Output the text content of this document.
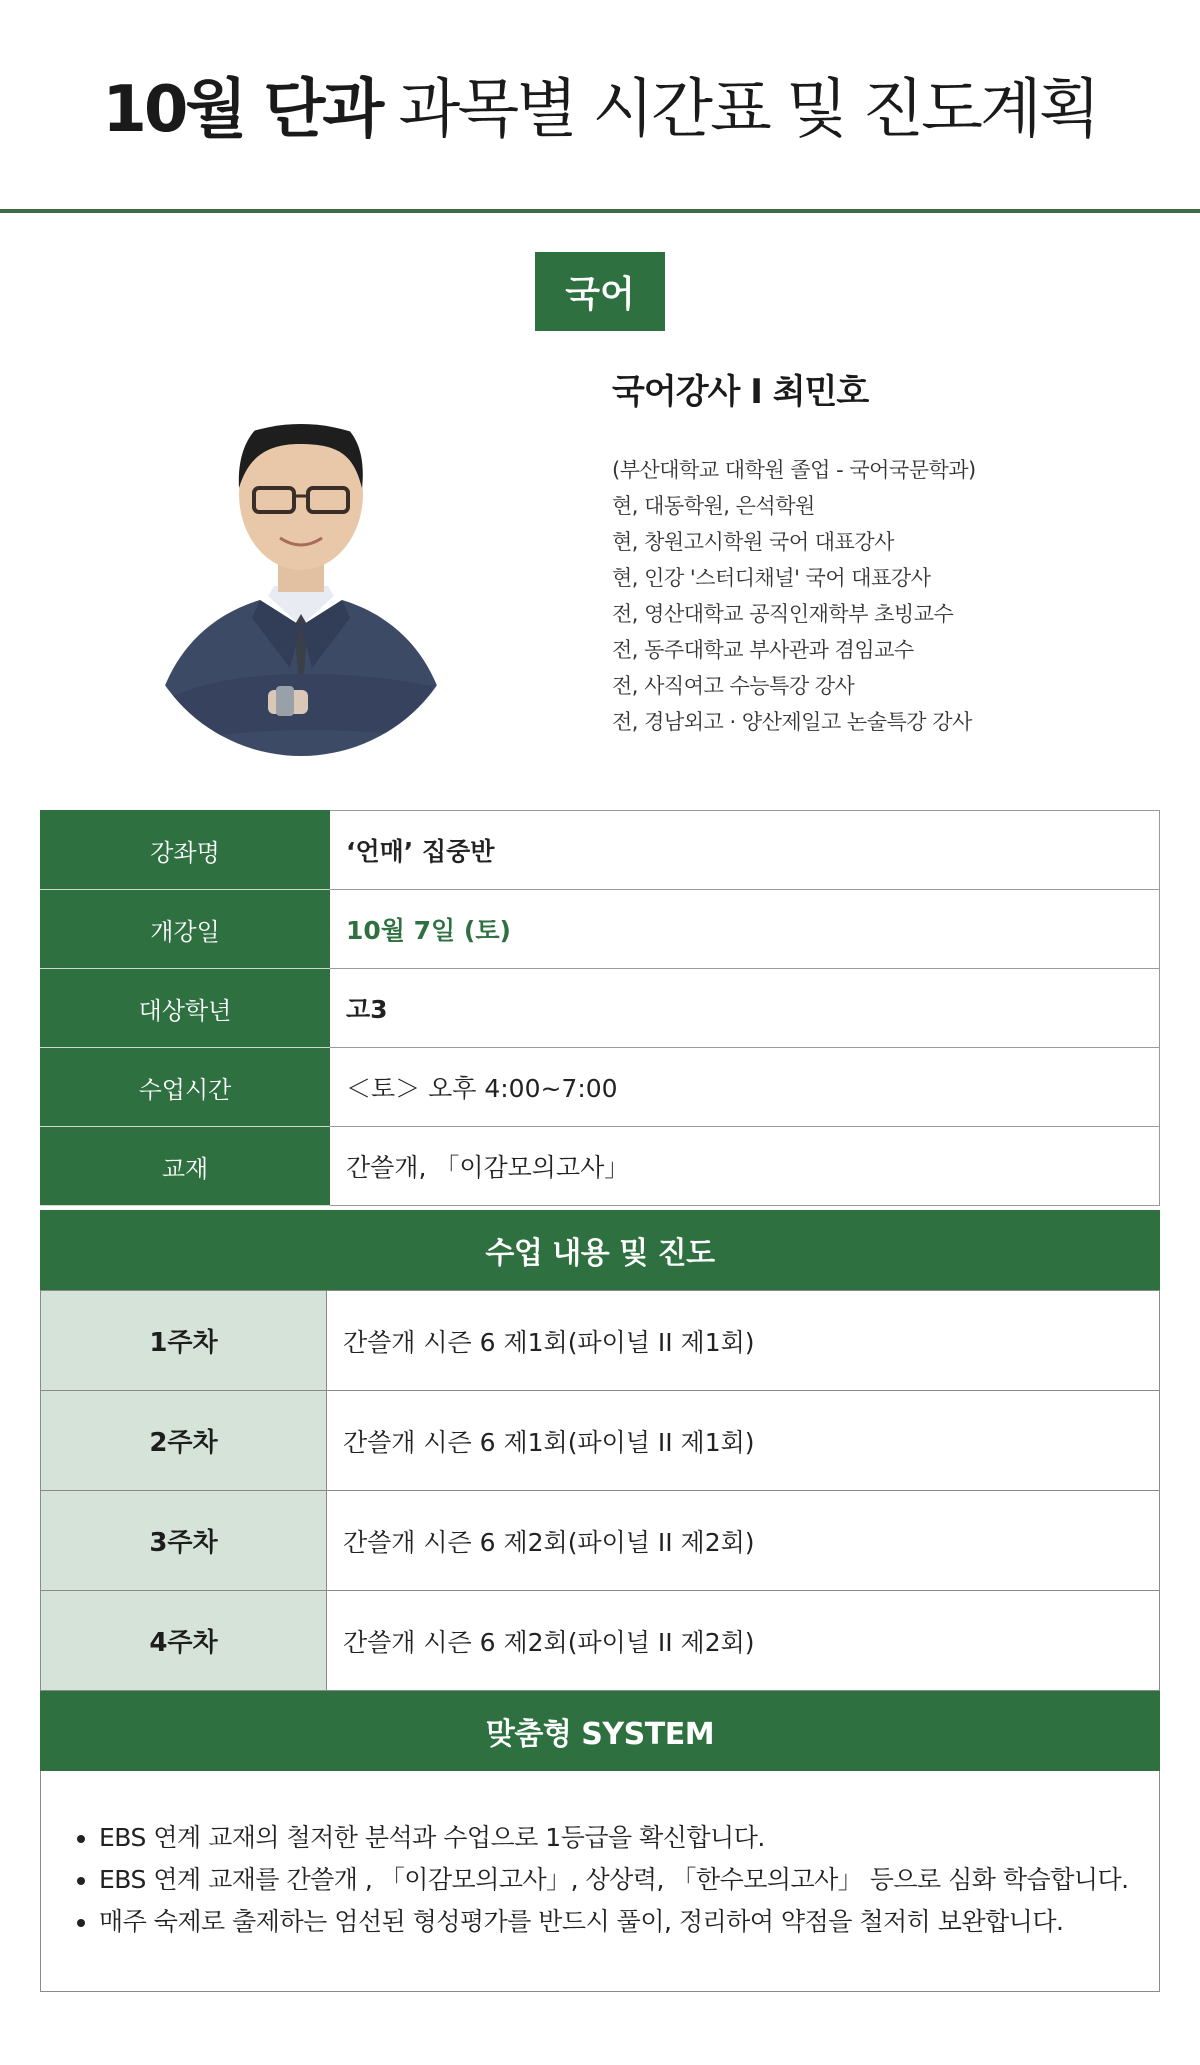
10월 단과 과목별 시간표 및 진도계획
국어
국어강사 Ⅰ 최민호
(부산대학교 대학원 졸업 - 국어국문학과)
현, 대동학원, 은석학원
현, 창원고시학원 국어 대표강사
현, 인강 '스터디채널' 국어 대표강사
전, 영산대학교 공직인재학부 초빙교수
전, 동주대학교 부사관과 겸임교수
전, 사직여고 수능특강 강사
전, 경남외고 · 양산제일고 논술특강 강사
강좌명	‘언매’ 집중반
개강일	10월 7일 (토)
대상학년	고3
수업시간	＜토＞ 오후 4:00~7:00
교재	간쓸개, 「이감모의고사」
수업 내용 및 진도
1주차	간쓸개 시즌 6 제1회(파이널 II 제1회)
2주차	간쓸개 시즌 6 제1회(파이널 II 제1회)
3주차	간쓸개 시즌 6 제2회(파이널 II 제2회)
4주차	간쓸개 시즌 6 제2회(파이널 II 제2회)
맞춤형 SYSTEM
• EBS 연계 교재의 철저한 분석과 수업으로 1등급을 확신합니다.
• EBS 연계 교재를 간쓸개 , 「이감모의고사」, 상상력, 「한수모의고사」 등으로 심화 학습합니다.
• 매주 숙제로 출제하는 엄선된 형성평가를 반드시 풀이, 정리하여 약점을 철저히 보완합니다.
